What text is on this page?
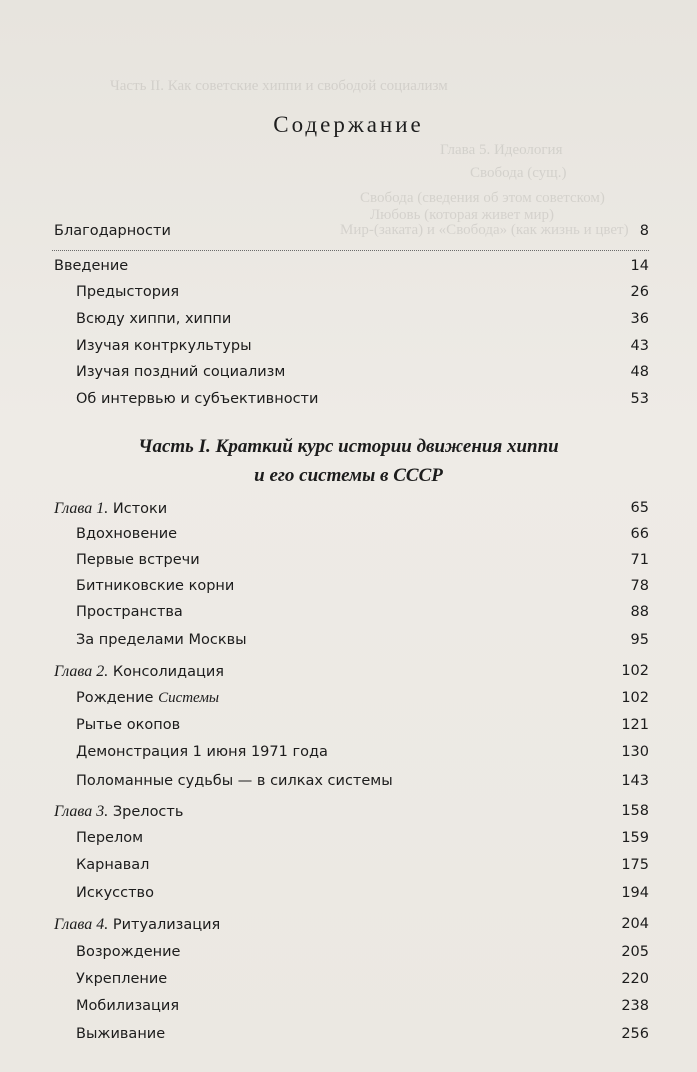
Часть II. Как советские хиппи и свободой социализм
Глава 5. Идеология
Свобода (сущ.)
Свобода (сведения об этом советском)
Любовь (которая живет мир)
Мир-(заката) и «Свобода» (как жизнь и цвет)
Содержание
Благодарности	8
Введение	14
Предыстория	26
Всюду хиппи, хиппи	36
Изучая контркультуры	43
Изучая поздний социализм	48
Об интервью и субъективности	53
Часть I. Краткий курс истории движения хиппи
и его системы в СССР
Глава 1. Истоки	65
Вдохновение	66
Первые встречи	71
Битниковские корни	78
Пространства	88
За пределами Москвы	95
Глава 2. Консолидация	102
Рождение Системы	102
Рытье окопов	121
Демонстрация 1 июня 1971 года	130
Поломанные судьбы — в силках системы	143
Глава 3. Зрелость	158
Перелом	159
Карнавал	175
Искусство	194
Глава 4. Ритуализация	204
Возрождение	205
Укрепление	220
Мобилизация	238
Выживание	256
